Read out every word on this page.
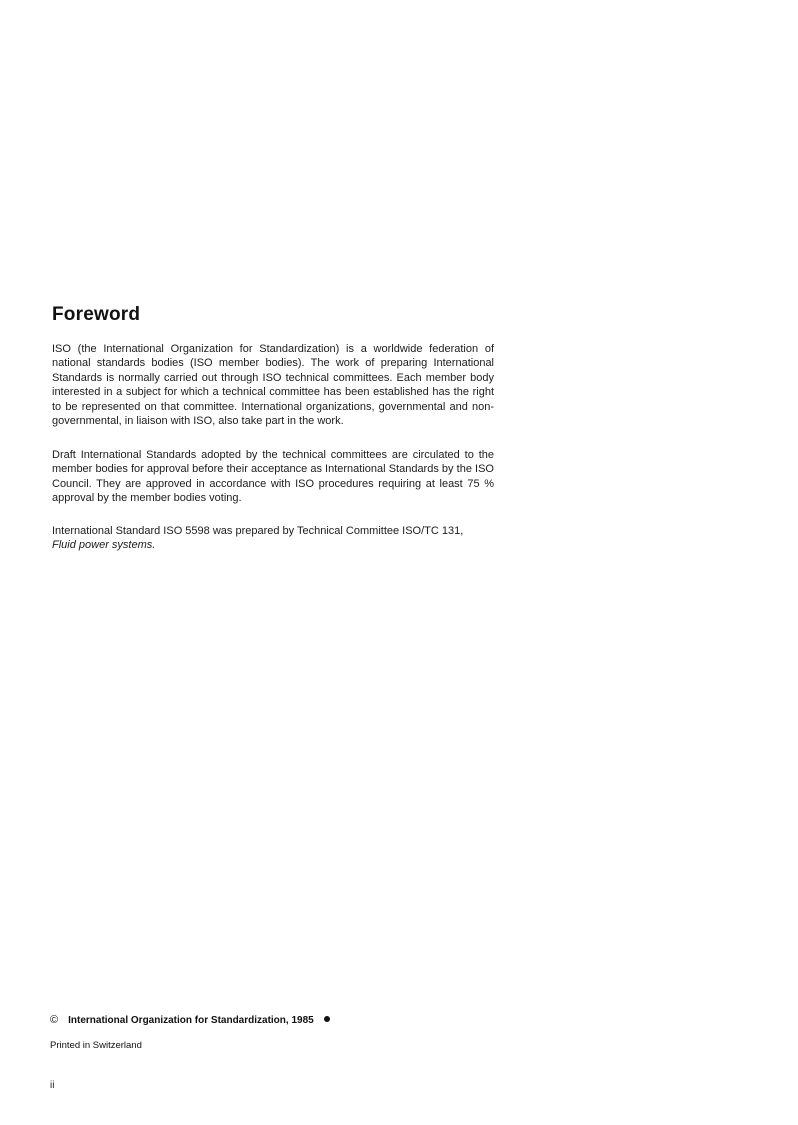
Foreword

ISO (the International Organization for Standardization) is a worldwide federation of national standards bodies (ISO member bodies). The work of preparing International Standards is normally carried out through ISO technical committees. Each member body interested in a subject for which a technical committee has been established has the right to be represented on that committee. International organizations, governmental and non-governmental, in liaison with ISO, also take part in the work.

Draft International Standards adopted by the technical committees are circulated to the member bodies for approval before their acceptance as International Standards by the ISO Council. They are approved in accordance with ISO procedures requiring at least 75 % approval by the member bodies voting.

International Standard ISO 5598 was prepared by Technical Committee ISO/TC 131,
Fluid power systems.

© International Organization for Standardization, 1985
Printed in Switzerland
ii
